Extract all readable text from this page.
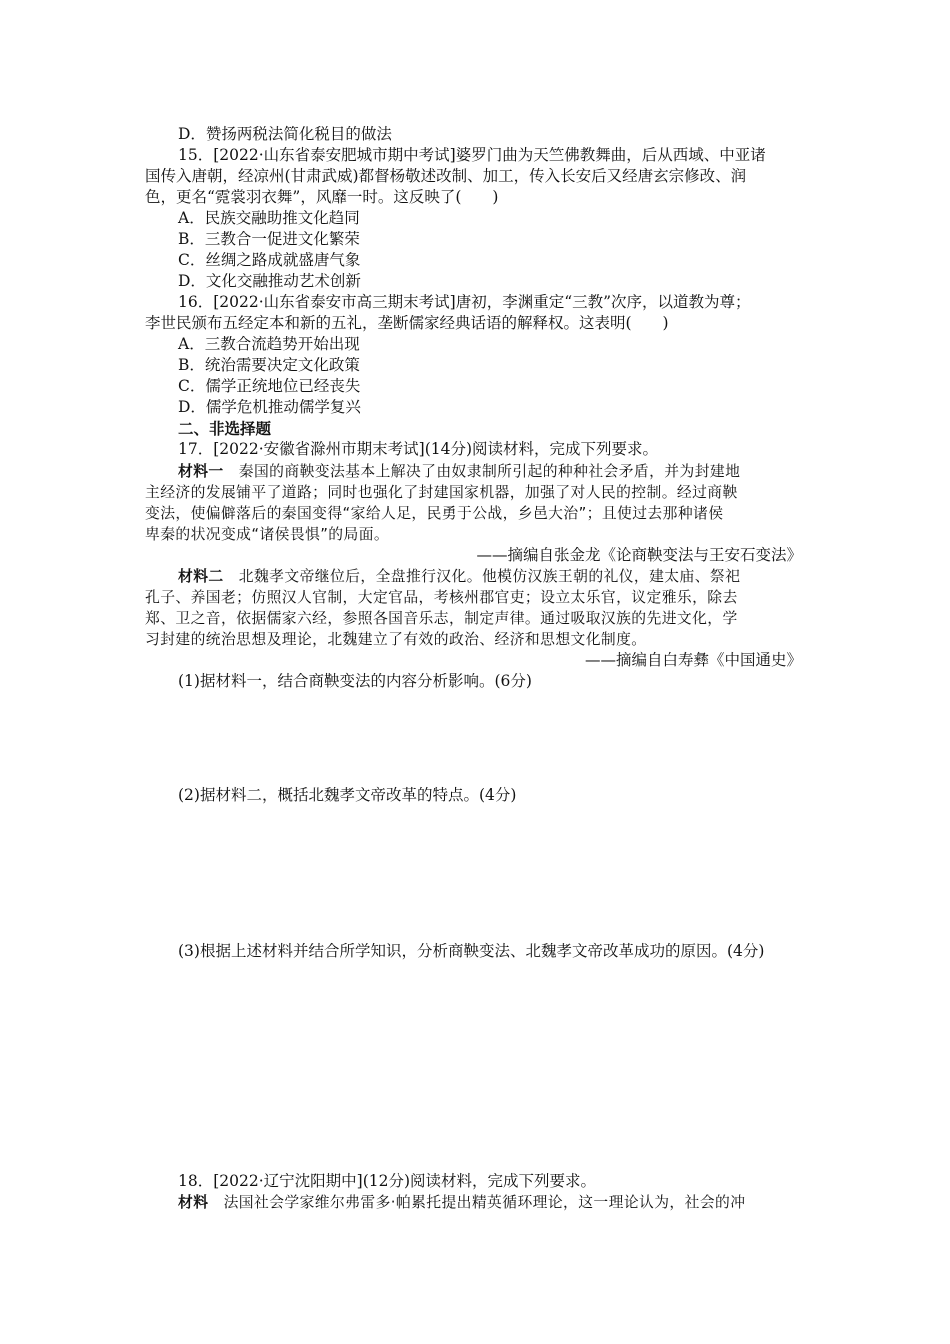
D．赞扬两税法简化税目的做法
15．[2022·山东省泰安肥城市期中考试]婆罗门曲为天竺佛教舞曲，后从西域、中亚诸
国传入唐朝，经凉州(甘肃武威)都督杨敬述改制、加工，传入长安后又经唐玄宗修改、润
色，更名“霓裳羽衣舞”，风靡一时。这反映了(　　)
A．民族交融助推文化趋同
B．三教合一促进文化繁荣
C．丝绸之路成就盛唐气象
D．文化交融推动艺术创新
16．[2022·山东省泰安市高三期末考试]唐初，李渊重定“三教”次序，以道教为尊；
李世民颁布五经定本和新的五礼，垄断儒家经典话语的解释权。这表明(　　)
A．三教合流趋势开始出现
B．统治需要决定文化政策
C．儒学正统地位已经丧失
D．儒学危机推动儒学复兴
二、非选择题
17．[2022·安徽省滁州市期末考试](14分)阅读材料，完成下列要求。
材料一　秦国的商鞅变法基本上解决了由奴隶制所引起的种种社会矛盾，并为封建地
主经济的发展铺平了道路；同时也强化了封建国家机器，加强了对人民的控制。经过商鞅
变法，使偏僻落后的秦国变得“家给人足，民勇于公战，乡邑大治”；且使过去那种诸侯
卑秦的状况变成“诸侯畏惧”的局面。
——摘编自张金龙《论商鞅变法与王安石变法》
材料二　北魏孝文帝继位后，全盘推行汉化。他模仿汉族王朝的礼仪，建太庙、祭祀
孔子、养国老；仿照汉人官制，大定官品，考核州郡官吏；设立太乐官，议定雅乐，除去
郑、卫之音，依据儒家六经，参照各国音乐志，制定声律。通过吸取汉族的先进文化，学
习封建的统治思想及理论，北魏建立了有效的政治、经济和思想文化制度。
——摘编自白寿彝《中国通史》
(1)据材料一，结合商鞅变法的内容分析影响。(6分)
(2)据材料二，概括北魏孝文帝改革的特点。(4分)
(3)根据上述材料并结合所学知识，分析商鞅变法、北魏孝文帝改革成功的原因。(4分)
18．[2022·辽宁沈阳期中](12分)阅读材料，完成下列要求。
材料　法国社会学家维尔弗雷多·帕累托提出精英循环理论，这一理论认为，社会的冲
